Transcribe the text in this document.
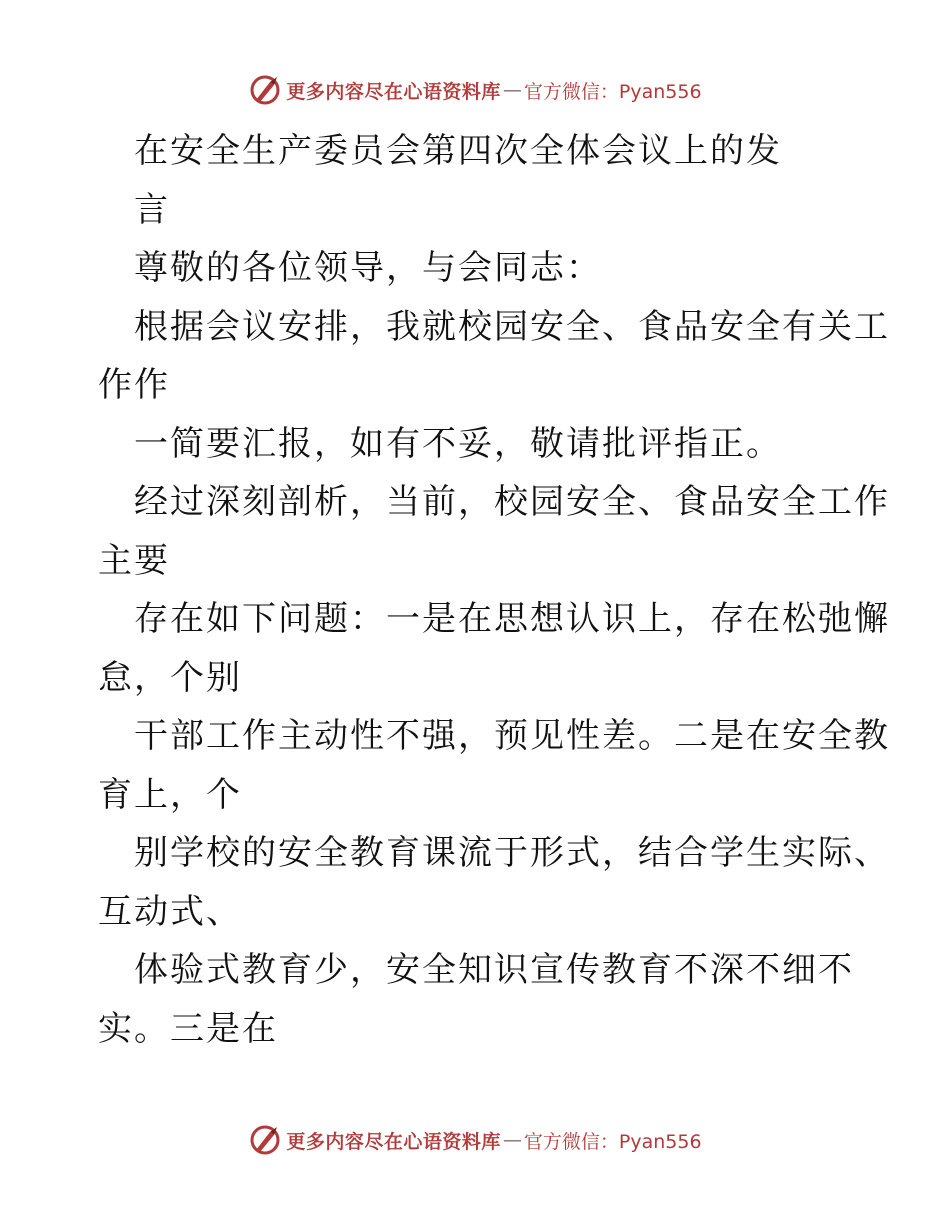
更多内容尽在心语资料库 — 官方微信：Pyan556
在安全生产委员会第四次全体会议上的发
言
尊敬的各位领导，与会同志：
根据会议安排，我就校园安全、食品安全有关工
作作
一简要汇报，如有不妥，敬请批评指正。
经过深刻剖析，当前，校园安全、食品安全工作
主要
存在如下问题：一是在思想认识上，存在松弛懈
怠，个别
干部工作主动性不强，预见性差。二是在安全教
育上，个
别学校的安全教育课流于形式，结合学生实际、
互动式、
体验式教育少，安全知识宣传教育不深不细不
实。三是在
更多内容尽在心语资料库 — 官方微信：Pyan556
